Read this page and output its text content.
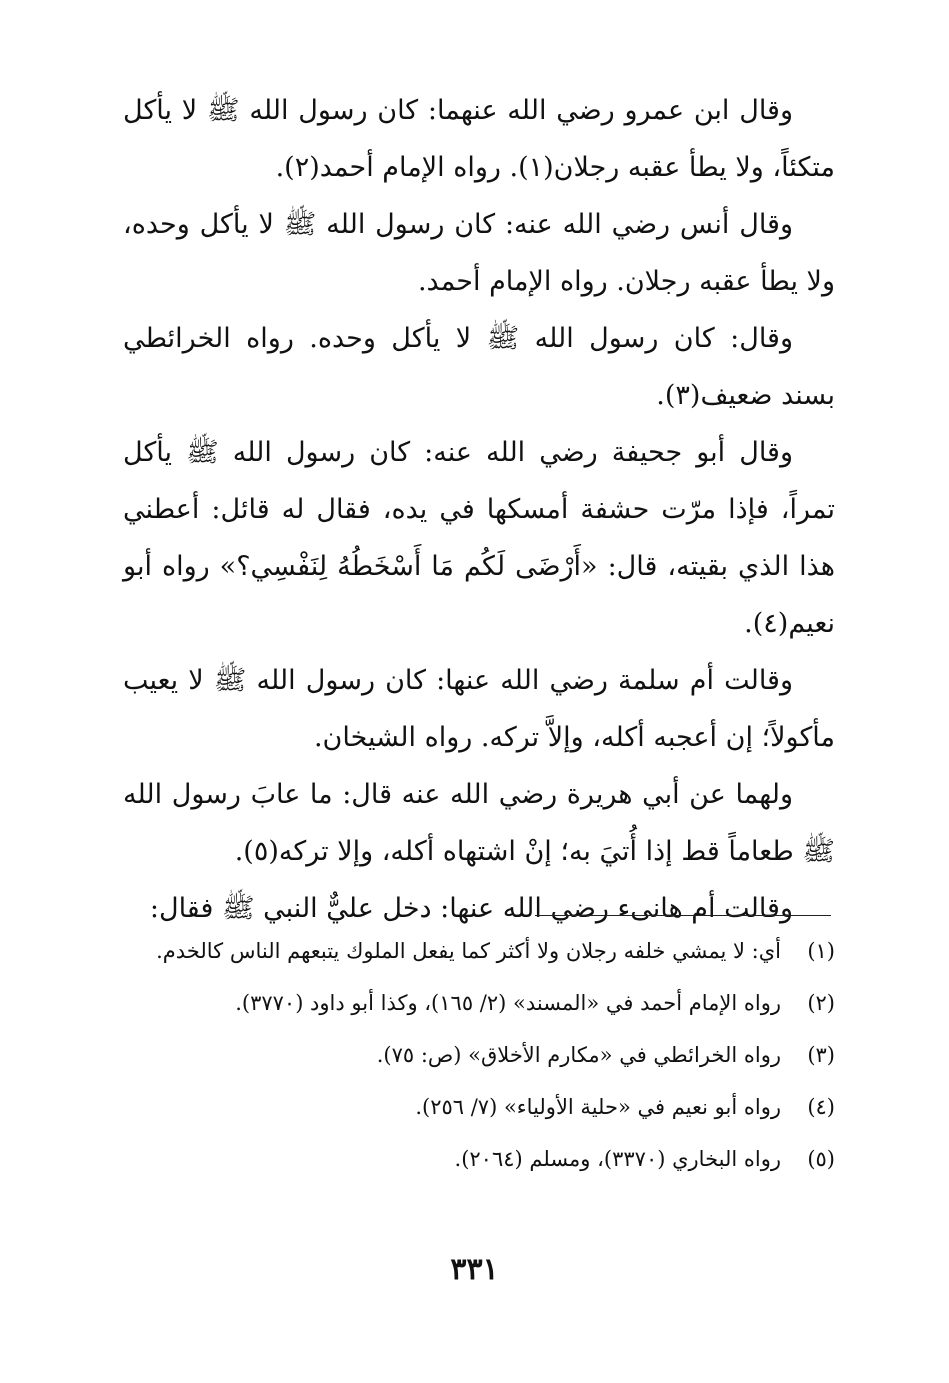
وقال ابن عمرو رضي الله عنهما: كان رسول الله ﷺ لا يأكل متكئاً، ولا يطأ عقبه رجلان(١). رواه الإمام أحمد(٢).

وقال أنس رضي الله عنه: كان رسول الله ﷺ لا يأكل وحده، ولا يطأ عقبه رجلان. رواه الإمام أحمد.

وقال: كان رسول الله ﷺ لا يأكل وحده. رواه الخرائطي بسند ضعيف(٣).

وقال أبو جحيفة رضي الله عنه: كان رسول الله ﷺ يأكل تمراً، فإذا مرّت حشفة أمسكها في يده، فقال له قائل: أعطني هذا الذي بقيته، قال: «أَرْضَى لَكُم مَا أَسْخَطُهُ لِنَفْسِي؟» رواه أبو نعيم(٤).

وقالت أم سلمة رضي الله عنها: كان رسول الله ﷺ لا يعيب مأكولاً؛ إن أعجبه أكله، وإلاَّ تركه. رواه الشيخان.

ولهما عن أبي هريرة رضي الله عنه قال: ما عابَ رسول الله ﷺ طعاماً قط إذا أُتيَ به؛ إنْ اشتهاه أكله، وإلا تركه(٥).

وقالت أم هانىء رضي الله عنها: دخل عليٌّ النبي ﷺ فقال:

(١)
أي: لا يمشي خلفه رجلان ولا أكثر كما يفعل الملوك يتبعهم الناس كالخدم.
(٢)
رواه الإمام أحمد في «المسند» (٢/ ١٦٥)، وكذا أبو داود (٣٧٧٠).
(٣)
رواه الخرائطي في «مكارم الأخلاق» (ص: ٧٥).
(٤)
رواه أبو نعيم في «حلية الأولياء» (٧/ ٢٥٦).
(٥)
رواه البخاري (٣٣٧٠)، ومسلم (٢٠٦٤).
٣٣١
